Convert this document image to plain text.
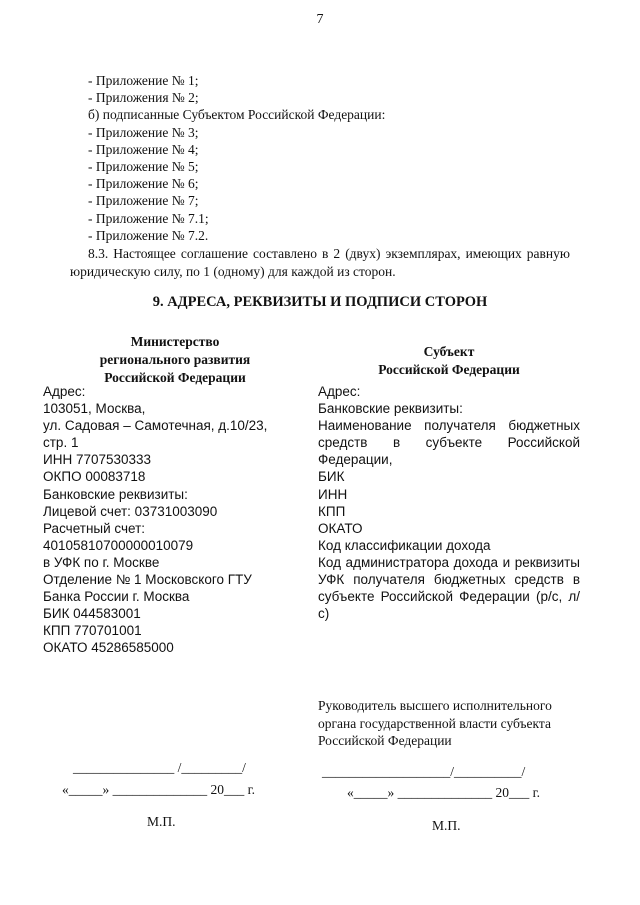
7
- Приложение № 1;
- Приложения № 2;
б) подписанные Субъектом Российской Федерации:
- Приложение № 3;
- Приложение № 4;
- Приложение № 5;
- Приложение № 6;
- Приложение № 7;
- Приложение № 7.1;
- Приложение № 7.2.
8.3. Настоящее соглашение составлено в 2 (двух) экземплярах, имеющих равную юридическую силу, по 1 (одному) для каждой из сторон.
9. АДРЕСА, РЕКВИЗИТЫ И ПОДПИСИ СТОРОН
Министерство
регионального развития
Российской Федерации
Субъект
Российской Федерации
Адрес:
103051, Москва,
ул. Садовая – Самотечная, д.10/23,
стр. 1
ИНН 7707530333
ОКПО 00083718
Банковские реквизиты:
Лицевой счет: 03731003090
Расчетный счет:
40105810700000010079
в УФК по г. Москве
Отделение № 1 Московского ГТУ
Банка России г. Москва
БИК 044583001
КПП 770701001
ОКАТО 45286585000
Адрес:
Банковские реквизиты:
Наименование получателя бюджетных средств в субъекте Российской Федерации,
БИК
ИНН
КПП
ОКАТО
Код классификации дохода
Код администратора дохода и реквизиты УФК получателя бюджетных средств в субъекте Российской Федерации (р/с, л/с)
Руководитель высшего исполнительного органа государственной власти субъекта Российской Федерации
_______________ /_________/
«_____» ______________ 20___ г.
М.П.
___________________/__________/
«_____» ______________ 20___ г.
М.П.
